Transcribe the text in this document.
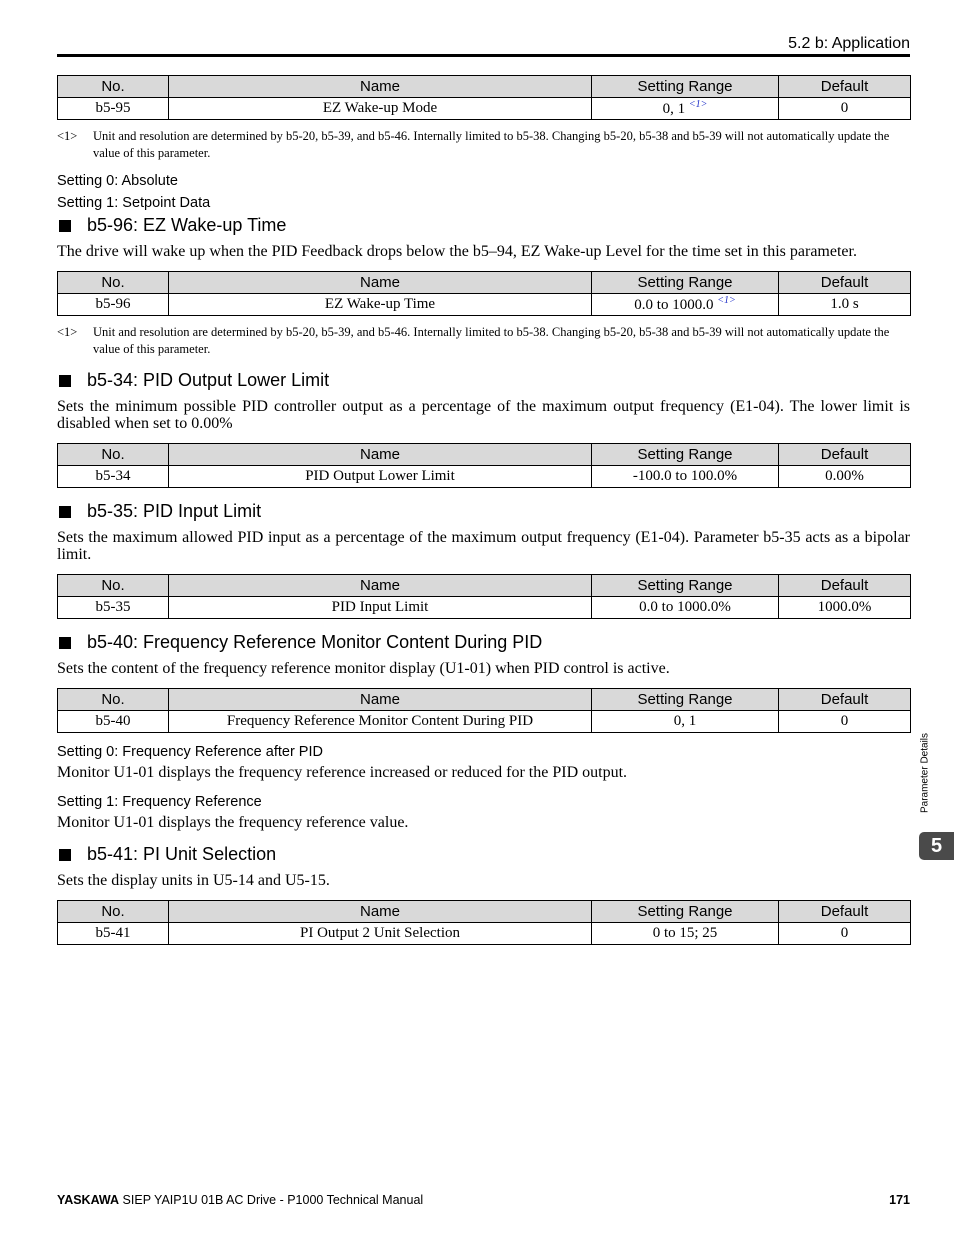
5.2 b: Application
No.	Name	Setting Range	Default
b5-95	EZ Wake-up Mode	0, 1 $^{<1>}$	0
<1>	Unit and resolution are determined by b5-20, b5-39, and b5-46. Internally limited to b5-38. Changing b5-20, b5-38 and b5-39 will not automatically update the value of this parameter.
Setting 0: Absolute
Setting 1: Setpoint Data
b5-96: EZ Wake-up Time
The drive will wake up when the PID Feedback drops below the b5–94, EZ Wake-up Level for the time set in this parameter.
No.	Name	Setting Range	Default
b5-96	EZ Wake-up Time	0.0 to 1000.0 $^{<1>}$	1.0 s
<1>	Unit and resolution are determined by b5-20, b5-39, and b5-46. Internally limited to b5-38. Changing b5-20, b5-38 and b5-39 will not automatically update the value of this parameter.
b5-34: PID Output Lower Limit
Sets the minimum possible PID controller output as a percentage of the maximum output frequency (E1-04). The lower limit is disabled when set to 0.00%
No.	Name	Setting Range	Default
b5-34	PID Output Lower Limit	-100.0 to 100.0%	0.00%
b5-35: PID Input Limit
Sets the maximum allowed PID input as a percentage of the maximum output frequency (E1-04). Parameter b5-35 acts as a bipolar limit.
No.	Name	Setting Range	Default
b5-35	PID Input Limit	0.0 to 1000.0%	1000.0%
b5-40: Frequency Reference Monitor Content During PID
Sets the content of the frequency reference monitor display (U1-01) when PID control is active.
No.	Name	Setting Range	Default
b5-40	Frequency Reference Monitor Content During PID	0, 1	0
Setting 0: Frequency Reference after PID
Monitor U1-01 displays the frequency reference increased or reduced for the PID output.
Setting 1: Frequency Reference
Monitor U1-01 displays the frequency reference value.
b5-41: PI Unit Selection
Sets the display units in U5-14 and U5-15.
No.	Name	Setting Range	Default
b5-41	PI Output 2 Unit Selection	0 to 15; 25	0
Parameter Details
5
YASKAWA SIEP YAIP1U 01B AC Drive - P1000 Technical Manual	171
